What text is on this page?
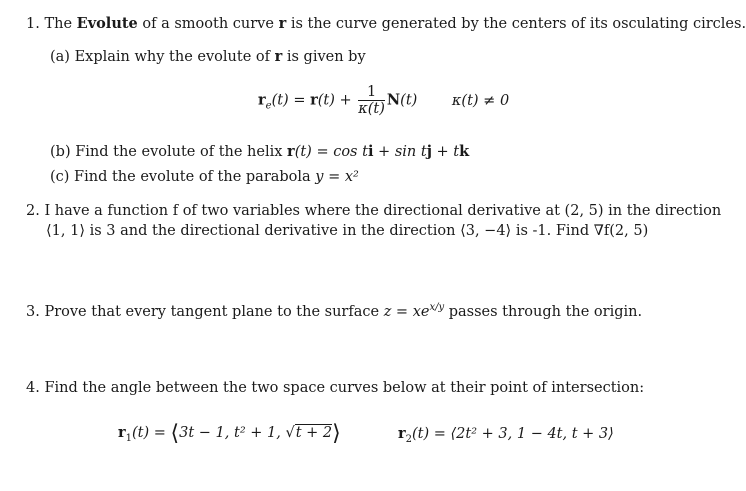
1. The Evolute of a smooth curve r is the curve generated by the centers of its osculating circles.
(a) Explain why the evolute of r is given by
$r_e(t) = r(t) + \frac{1}{\kappa(t)} N(t) \kappa(t) \ne 0$
(b) Find the evolute of the helix r(t) = cos ti + sin tj + tk
(c) Find the evolute of the parabola y = x²
2. I have a function f of two variables where the directional derivative at (2, 5) in the direction
⟨1, 1⟩ is 3 and the directional derivative in the direction ⟨3, −4⟩ is -1. Find ∇f(2, 5)
3. Prove that every tangent plane to the surface $z = xe^{x/y}$ passes through the origin.
4. Find the angle between the two space curves below at their point of intersection:
$r_1(t)$ = ⟨3t − 1, t² + 1, √t + 2⟩	$r_2(t)$ = ⟨2t² + 3, 1 − 4t, t + 3⟩
